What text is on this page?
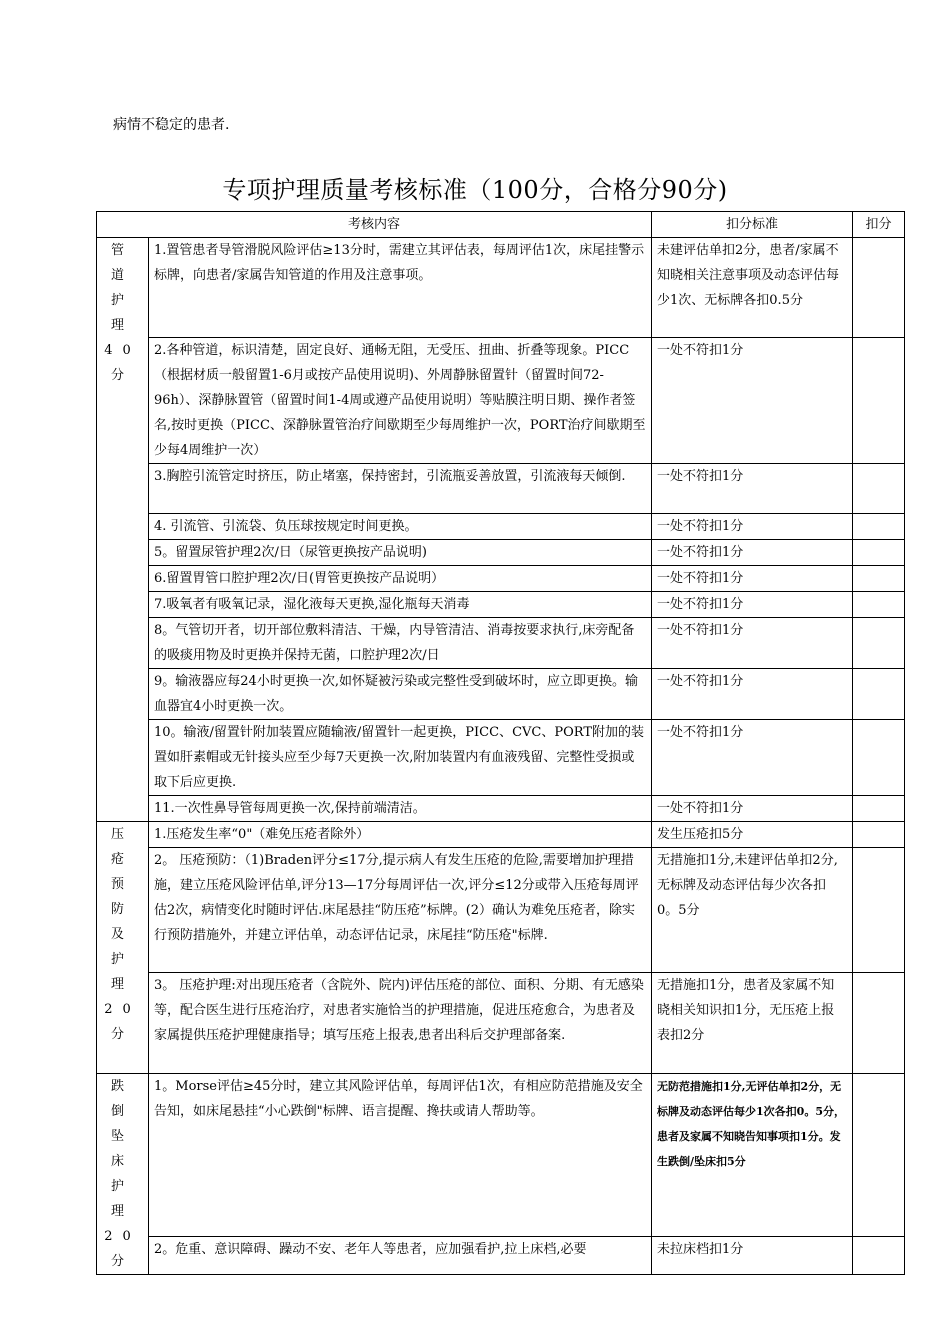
病情不稳定的患者.
专项护理质量考核标准（100分，合格分90分)
考核内容		扣分标准	扣分

管 道
护 理
40 分	1.置管患者导管滑脱风险评估≥13分时，需建立其评估表，每周评估1次，床尾挂警示标牌，向患者/家属告知管道的作用及注意事项。	未建评估单扣2分，患者/家属不知晓相关注意事项及动态评估每少1次、无标牌各扣0.5分	
	2.各种管道，标识清楚，固定良好、通畅无阻，无受压、扭曲、折叠等现象。PICC（根据材质一般留置1-6月或按产品使用说明)、外周静脉留置针（留置时间72-96h）、深静脉置管（留置时间1-4周或遵产品使用说明）等贴膜注明日期、操作者签名,按时更换（PICC、深静脉置管治疗间歇期至少每周维护一次，PORT治疗间歇期至少每4周维护一次）	一处不符扣1分	
	3.胸腔引流管定时挤压，防止堵塞，保持密封，引流瓶妥善放置，引流液每天倾倒.	一处不符扣1分	
	4. 引流管、引流袋、负压球按规定时间更换。	一处不符扣1分	
	5。留置尿管护理2次/日（尿管更换按产品说明)	一处不符扣1分	
	6.留置胃管口腔护理2次/日(胃管更换按产品说明）	一处不符扣1分	
	7.吸氧者有吸氧记录，湿化液每天更换,湿化瓶每天消毒	一处不符扣1分	
	8。气管切开者，切开部位敷料清洁、干燥，内导管清洁、消毒按要求执行,床旁配备的吸痰用物及时更换并保持无菌，口腔护理2次/日	一处不符扣1分	
	9。输液器应每24小时更换一次,如怀疑被污染或完整性受到破坏时，应立即更换。输血器宜4小时更换一次。	一处不符扣1分	
	10。输液/留置针附加装置应随输液/留置针一起更换，PICC、CVC、PORT附加的装置如肝素帽或无针接头应至少每7天更换一次,附加装置内有血液残留、完整性受损或取下后应更换.	一处不符扣1分	
	11.一次性鼻导管每周更换一次,保持前端清洁。	一处不符扣1分	

压 疮
预 防
及 护
理
20 分	1.压疮发生率“0"（难免压疮者除外）	发生压疮扣5分	
	2。 压疮预防：（1)Braden评分≤17分,提示病人有发生压疮的危险,需要增加护理措施，建立压疮风险评估单,评分13—17分每周评估一次,评分≤12分或带入压疮每周评估2次，病情变化时随时评估.床尾悬挂“防压疮”标牌。(2）确认为难免压疮者，除实行预防措施外，并建立评估单，动态评估记录，床尾挂“防压疮"标牌.	无措施扣1分,未建评估单扣2分,无标牌及动态评估每少次各扣0。5分	
	3。 压疮护理:对出现压疮者（含院外、院内)评估压疮的部位、面积、分期、有无感染等，配合医生进行压疮治疗，对患者实施恰当的护理措施，促进压疮愈合，为患者及家属提供压疮护理健康指导；填写压疮上报表,患者出科后交护理部备案.	无措施扣1分，患者及家属不知晓相关知识扣1分，无压疮上报表扣2分	

跌 倒
坠 床
护 理
20 分	1。Morse评估≥45分时，建立其风险评估单，每周评估1次，有相应防范措施及安全告知，如床尾悬挂“小心跌倒"标牌、语言提醒、搀扶或请人帮助等。	无防范措施扣1分,无评估单扣2分，无标牌及动态评估每少1次各扣0。5分，患者及家属不知晓告知事项扣1分。发生跌倒/坠床扣5分	
	2。危重、意识障碍、躁动不安、老年人等患者，应加强看护,拉上床档,必要	未拉床档扣1分	
